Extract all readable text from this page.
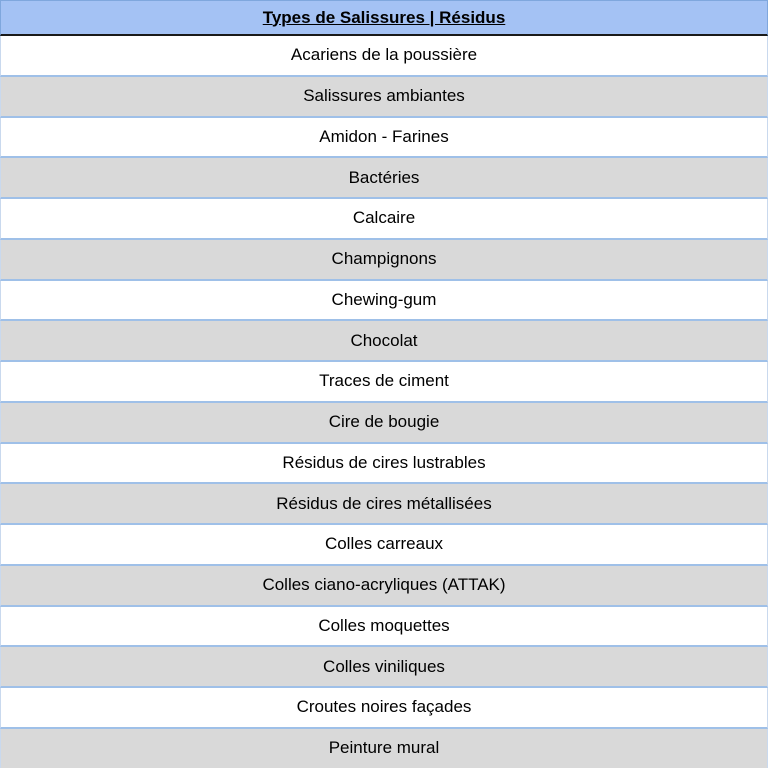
Types de Salissures | Résidus
Acariens de la poussière
Salissures ambiantes
Amidon - Farines
Bactéries
Calcaire
Champignons
Chewing-gum
Chocolat
Traces de ciment
Cire de bougie
Résidus de cires lustrables
Résidus de cires métallisées
Colles carreaux
Colles ciano-acryliques (ATTAK)
Colles moquettes
Colles viniliques
Croutes noires façades
Peinture mural
